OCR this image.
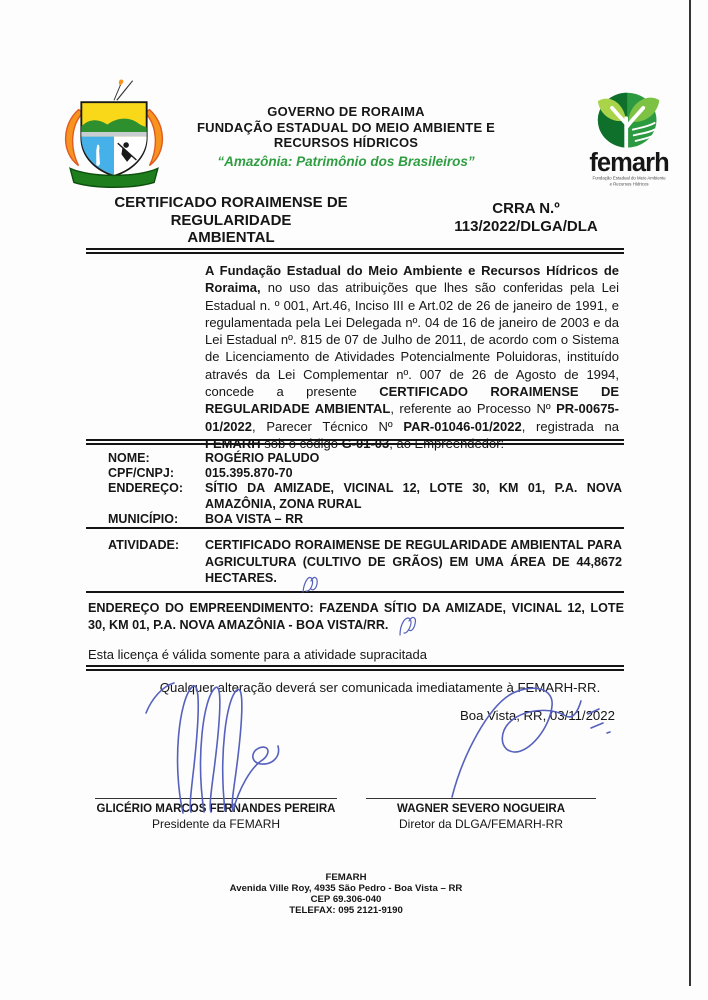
GOVERNO DE RORAIMA
FUNDAÇÃO ESTADUAL DO MEIO AMBIENTE E
RECURSOS HÍDRICOS
“Amazônia: Patrimônio dos Brasileiros”	femarh
Fundação Estadual do Meio Ambiente
e Recursos Hídricos
CERTIFICADO RORAIMENSE DE
REGULARIDADE
AMBIENTAL
CRRA N.º
113/2022/DLGA/DLA
A Fundação Estadual do Meio Ambiente e Recursos Hídricos de Roraima, no uso das atribuições que lhes são conferidas pela Lei Estadual n. º 001, Art.46, Inciso III e Art.02 de 26 de janeiro de 1991, e regulamentada pela Lei Delegada nº. 04 de 16 de janeiro de 2003 e da Lei Estadual nº. 815 de 07 de Julho de 2011, de acordo com o Sistema de Licenciamento de Atividades Potencialmente Poluidoras, instituído através da Lei Complementar nº. 007 de 26 de Agosto de 1994, concede a presente CERTIFICADO RORAIMENSE DE REGULARIDADE AMBIENTAL, referente ao Processo Nº PR-00675-01/2022, Parecer Técnico Nº PAR-01046-01/2022, registrada na FEMARH sob o código G-01-03, ao Empreendedor:
NOME:	ROGÉRIO PALUDO
CPF/CNPJ:	015.395.870-70
ENDEREÇO:	SÍTIO DA AMIZADE, VICINAL 12, LOTE 30, KM 01, P.A. NOVA AMAZÔNIA, ZONA RURAL
MUNICÍPIO:	BOA VISTA – RR
ATIVIDADE:	CERTIFICADO RORAIMENSE DE REGULARIDADE AMBIENTAL PARA AGRICULTURA (CULTIVO DE GRÃOS) EM UMA ÁREA DE 44,8672 HECTARES.
ENDEREÇO DO EMPREENDIMENTO: FAZENDA SÍTIO DA AMIZADE, VICINAL 12, LOTE 30, KM 01, P.A. NOVA AMAZÔNIA - BOA VISTA/RR.
Esta licença é válida somente para a atividade supracitada
Qualquer alteração deverá ser comunicada imediatamente à FEMARH-RR.
Boa Vista, RR, 03/11/2022
GLICÉRIO MARCOS FERNANDES PEREIRA
Presidente da FEMARH
WAGNER SEVERO NOGUEIRA
Diretor da DLGA/FEMARH-RR
FEMARH
Avenida Ville Roy, 4935 São Pedro - Boa Vista – RR
CEP 69.306-040
TELEFAX: 095 2121-9190
